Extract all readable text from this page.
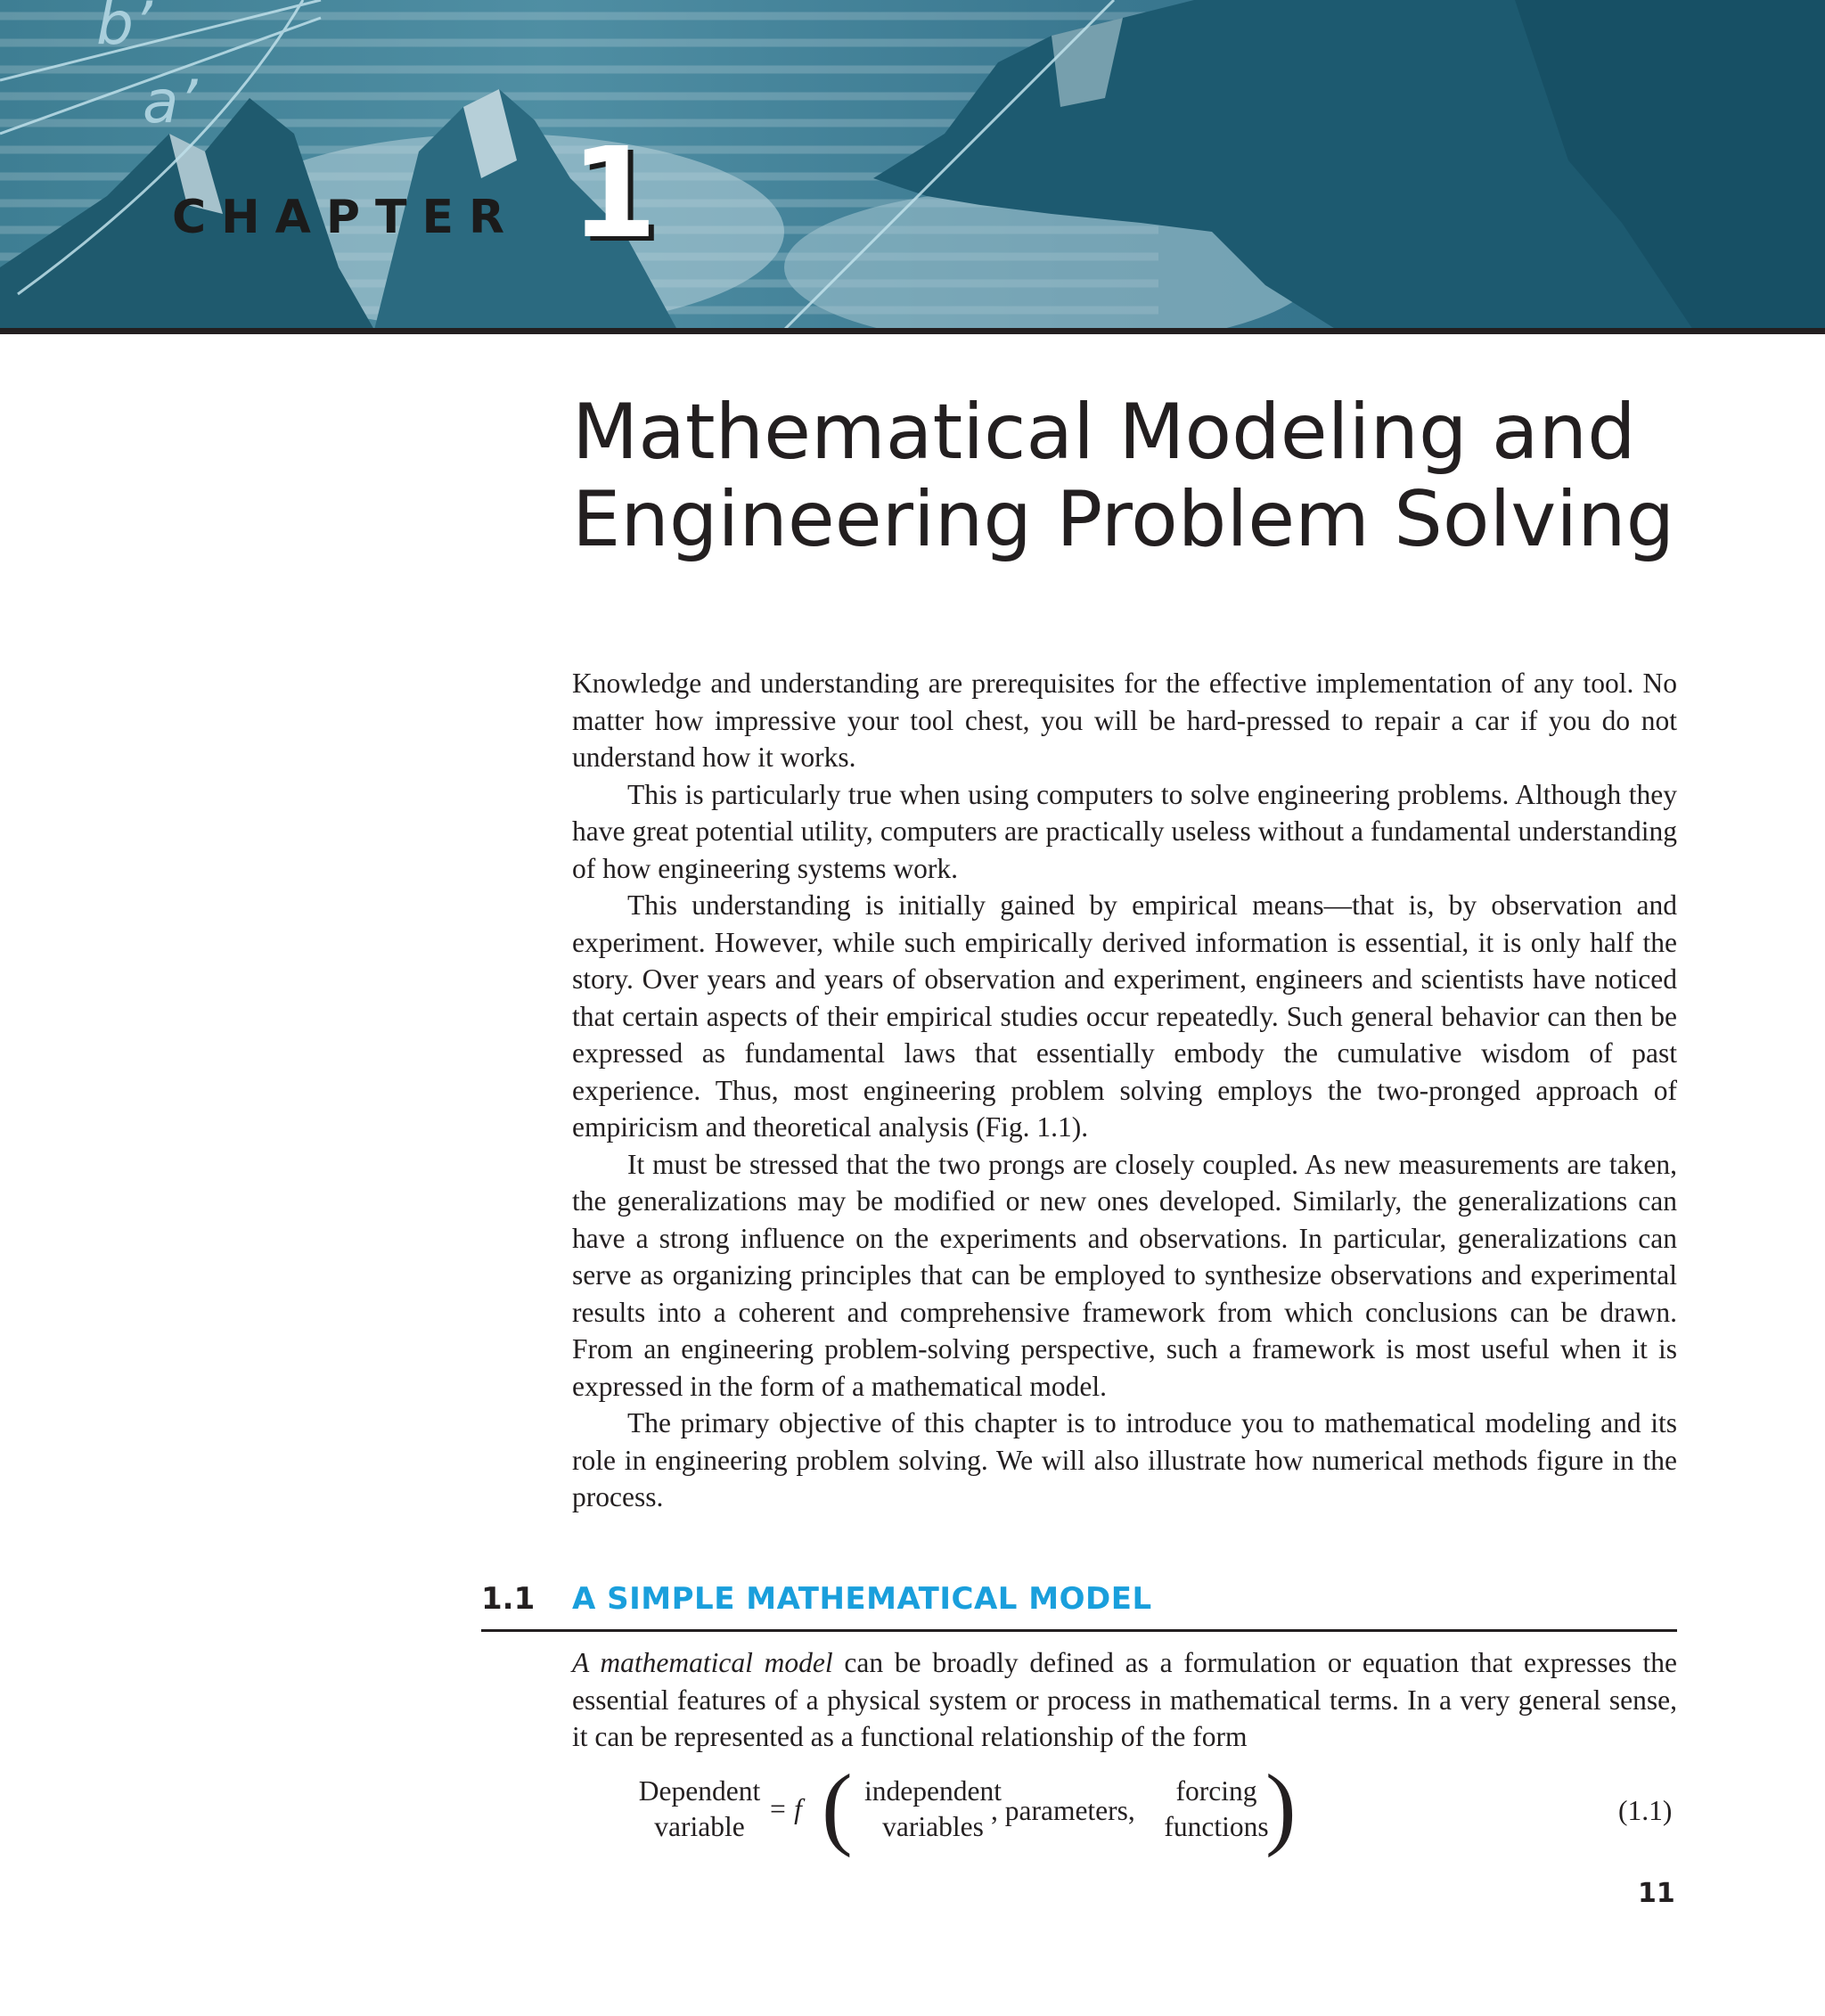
b’
a’
CHAPTER 1
Mathematical Modeling and
Engineering Problem Solving

Knowledge and understanding are prerequisites for the effective implementation of any tool. No matter how impressive your tool chest, you will be hard-pressed to repair a car if you do not understand how it works.

This is particularly true when using computers to solve engineering problems. Although they have great potential utility, computers are practically useless without a fundamental understanding of how engineering systems work.

This understanding is initially gained by empirical means—that is, by observation and experiment. However, while such empirically derived information is essential, it is only half the story. Over years and years of observation and experiment, engineers and scientists have noticed that certain aspects of their empirical studies occur repeatedly. Such general behavior can then be expressed as fundamental laws that essentially embody the cumulative wisdom of past experience. Thus, most engineering problem solving employs the two-pronged approach of empiricism and theoretical analysis (Fig. 1.1).

It must be stressed that the two prongs are closely coupled. As new measurements are taken, the generalizations may be modified or new ones developed. Similarly, the generalizations can have a strong influence on the experiments and observations. In particular, generalizations can serve as organizing principles that can be employed to synthesize observations and experimental results into a coherent and comprehensive framework from which conclusions can be drawn. From an engineering problem-solving perspective, such a framework is most useful when it is expressed in the form of a mathematical model.

The primary objective of this chapter is to introduce you to mathematical modeling and its role in engineering problem solving. We will also illustrate how numerical methods figure in the process.

1.1 A SIMPLE MATHEMATICAL MODEL

A mathematical model can be broadly defined as a formulation or equation that expresses the essential features of a physical system or process in mathematical terms. In a very general sense, it can be represented as a functional relationship of the form

Dependent
variable
= f ( independent
variables
, parameters,
forcing
functions
)	(1.1)
11
